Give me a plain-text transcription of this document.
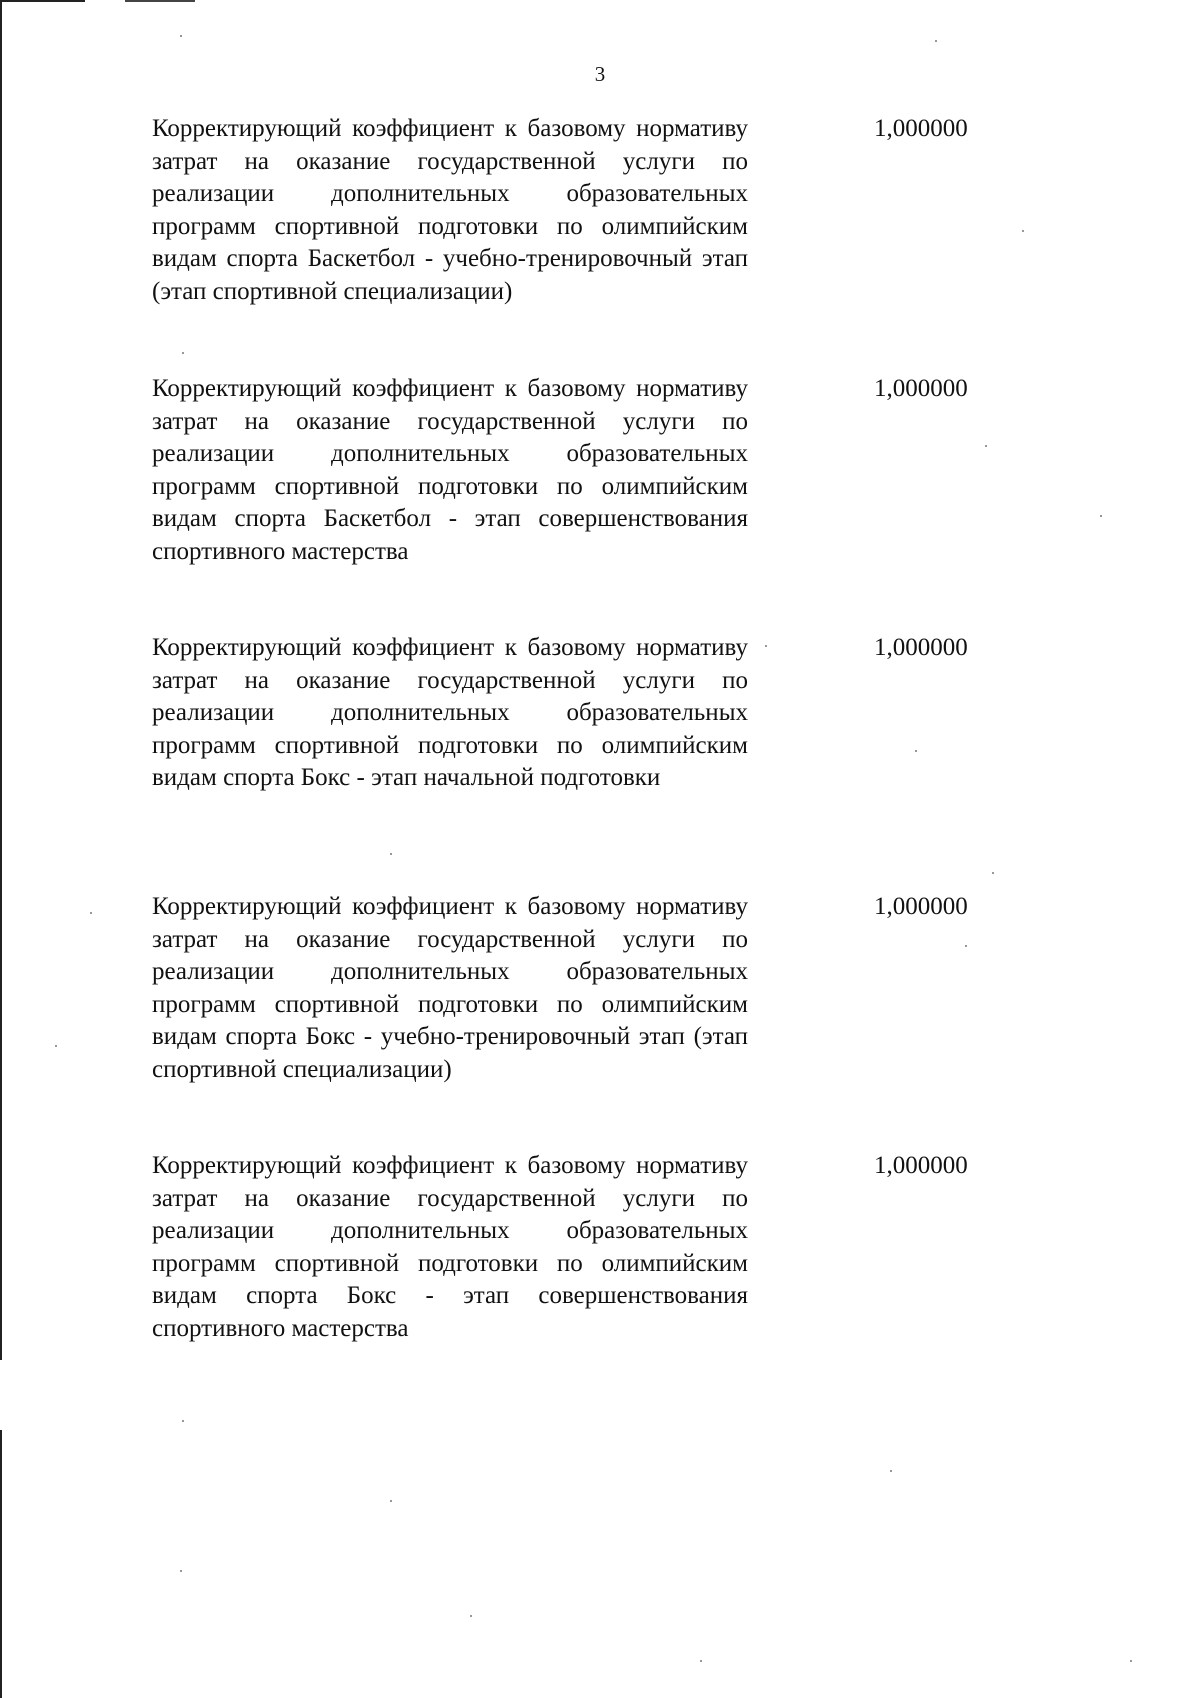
3

Корректирующий коэффициент к базовому нормативу затрат на оказание государственной услуги по реализации дополнительных образовательных программ спортивной подготовки по олимпийским видам спорта Баскетбол - учебно-тренировочный этап (этап спортивной специализации)

1,000000

Корректирующий коэффициент к базовому нормативу затрат на оказание государственной услуги по реализации дополнительных образовательных программ спортивной подготовки по олимпийским видам спорта Баскетбол - этап совершенствования спортивного мастерства

1,000000

Корректирующий коэффициент к базовому нормативу затрат на оказание государственной услуги по реализации дополнительных образовательных программ спортивной подготовки по олимпийским видам спорта Бокс - этап начальной подготовки

1,000000

Корректирующий коэффициент к базовому нормативу затрат на оказание государственной услуги по реализации дополнительных образовательных программ спортивной подготовки по олимпийским видам спорта Бокс - учебно-тренировочный этап (этап спортивной специализации)

1,000000

Корректирующий коэффициент к базовому нормативу затрат на оказание государственной услуги по реализации дополнительных образовательных программ спортивной подготовки по олимпийским видам спорта Бокс - этап совершенствования спортивного мастерства

1,000000
